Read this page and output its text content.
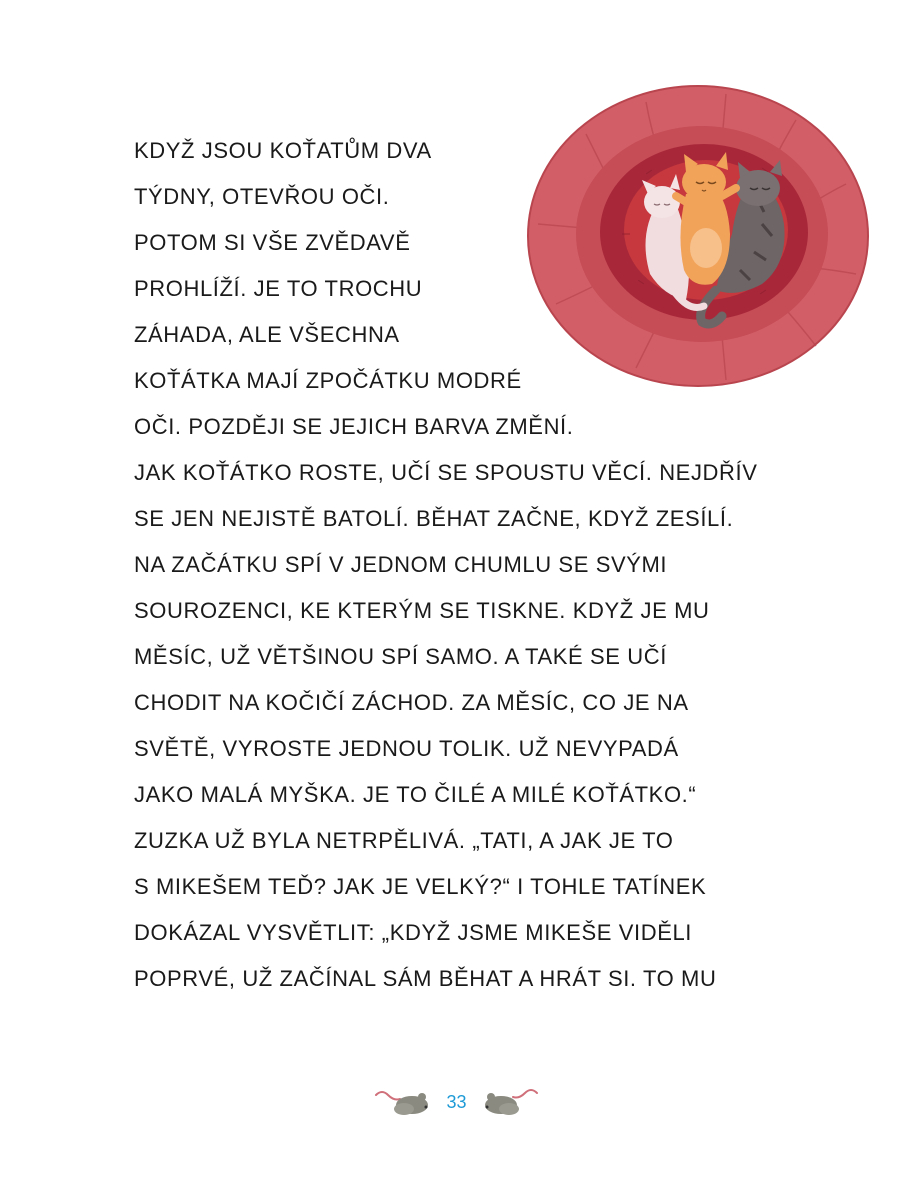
KDYŽ JSOU KOŤATŮM DVA
TÝDNY, OTEVŘOU OČI.
POTOM SI VŠE ZVĚDAVĚ
PROHLÍŽÍ. JE TO TROCHU
ZÁHADA, ALE VŠECHNA
KOŤÁTKA MAJÍ ZPOČÁTKU MODRÉ
OČI. POZDĚJI SE JEJICH BARVA ZMĚNÍ.
JAK KOŤÁTKO ROSTE, UČÍ SE SPOUSTU VĚCÍ. NEJDŘÍV
SE JEN NEJISTĚ BATOLÍ. BĚHAT ZAČNE, KDYŽ ZESÍLÍ.
NA ZAČÁTKU SPÍ V JEDNOM CHUMLU SE SVÝMI
SOUROZENCI, KE KTERÝM SE TISKNE. KDYŽ JE MU
MĚSÍC, UŽ VĚTŠINOU SPÍ SAMO. A TAKÉ SE UČÍ
CHODIT NA KOČIČÍ ZÁCHOD. ZA MĚSÍC, CO JE NA
SVĚTĚ, VYROSTE JEDNOU TOLIK. UŽ NEVYPADÁ
JAKO MALÁ MYŠKA. JE TO ČILÉ A MILÉ KOŤÁTKO.“
ZUZKA UŽ BYLA NETRPĚLIVÁ. „TATI, A JAK JE TO
S MIKEŠEM TEĎ? JAK JE VELKÝ?“ I TOHLE TATÍNEK
DOKÁZAL VYSVĚTLIT: „KDYŽ JSME MIKEŠE VIDĚLI
POPRVÉ, UŽ ZAČÍNAL SÁM BĚHAT A HRÁT SI. TO MU
33
